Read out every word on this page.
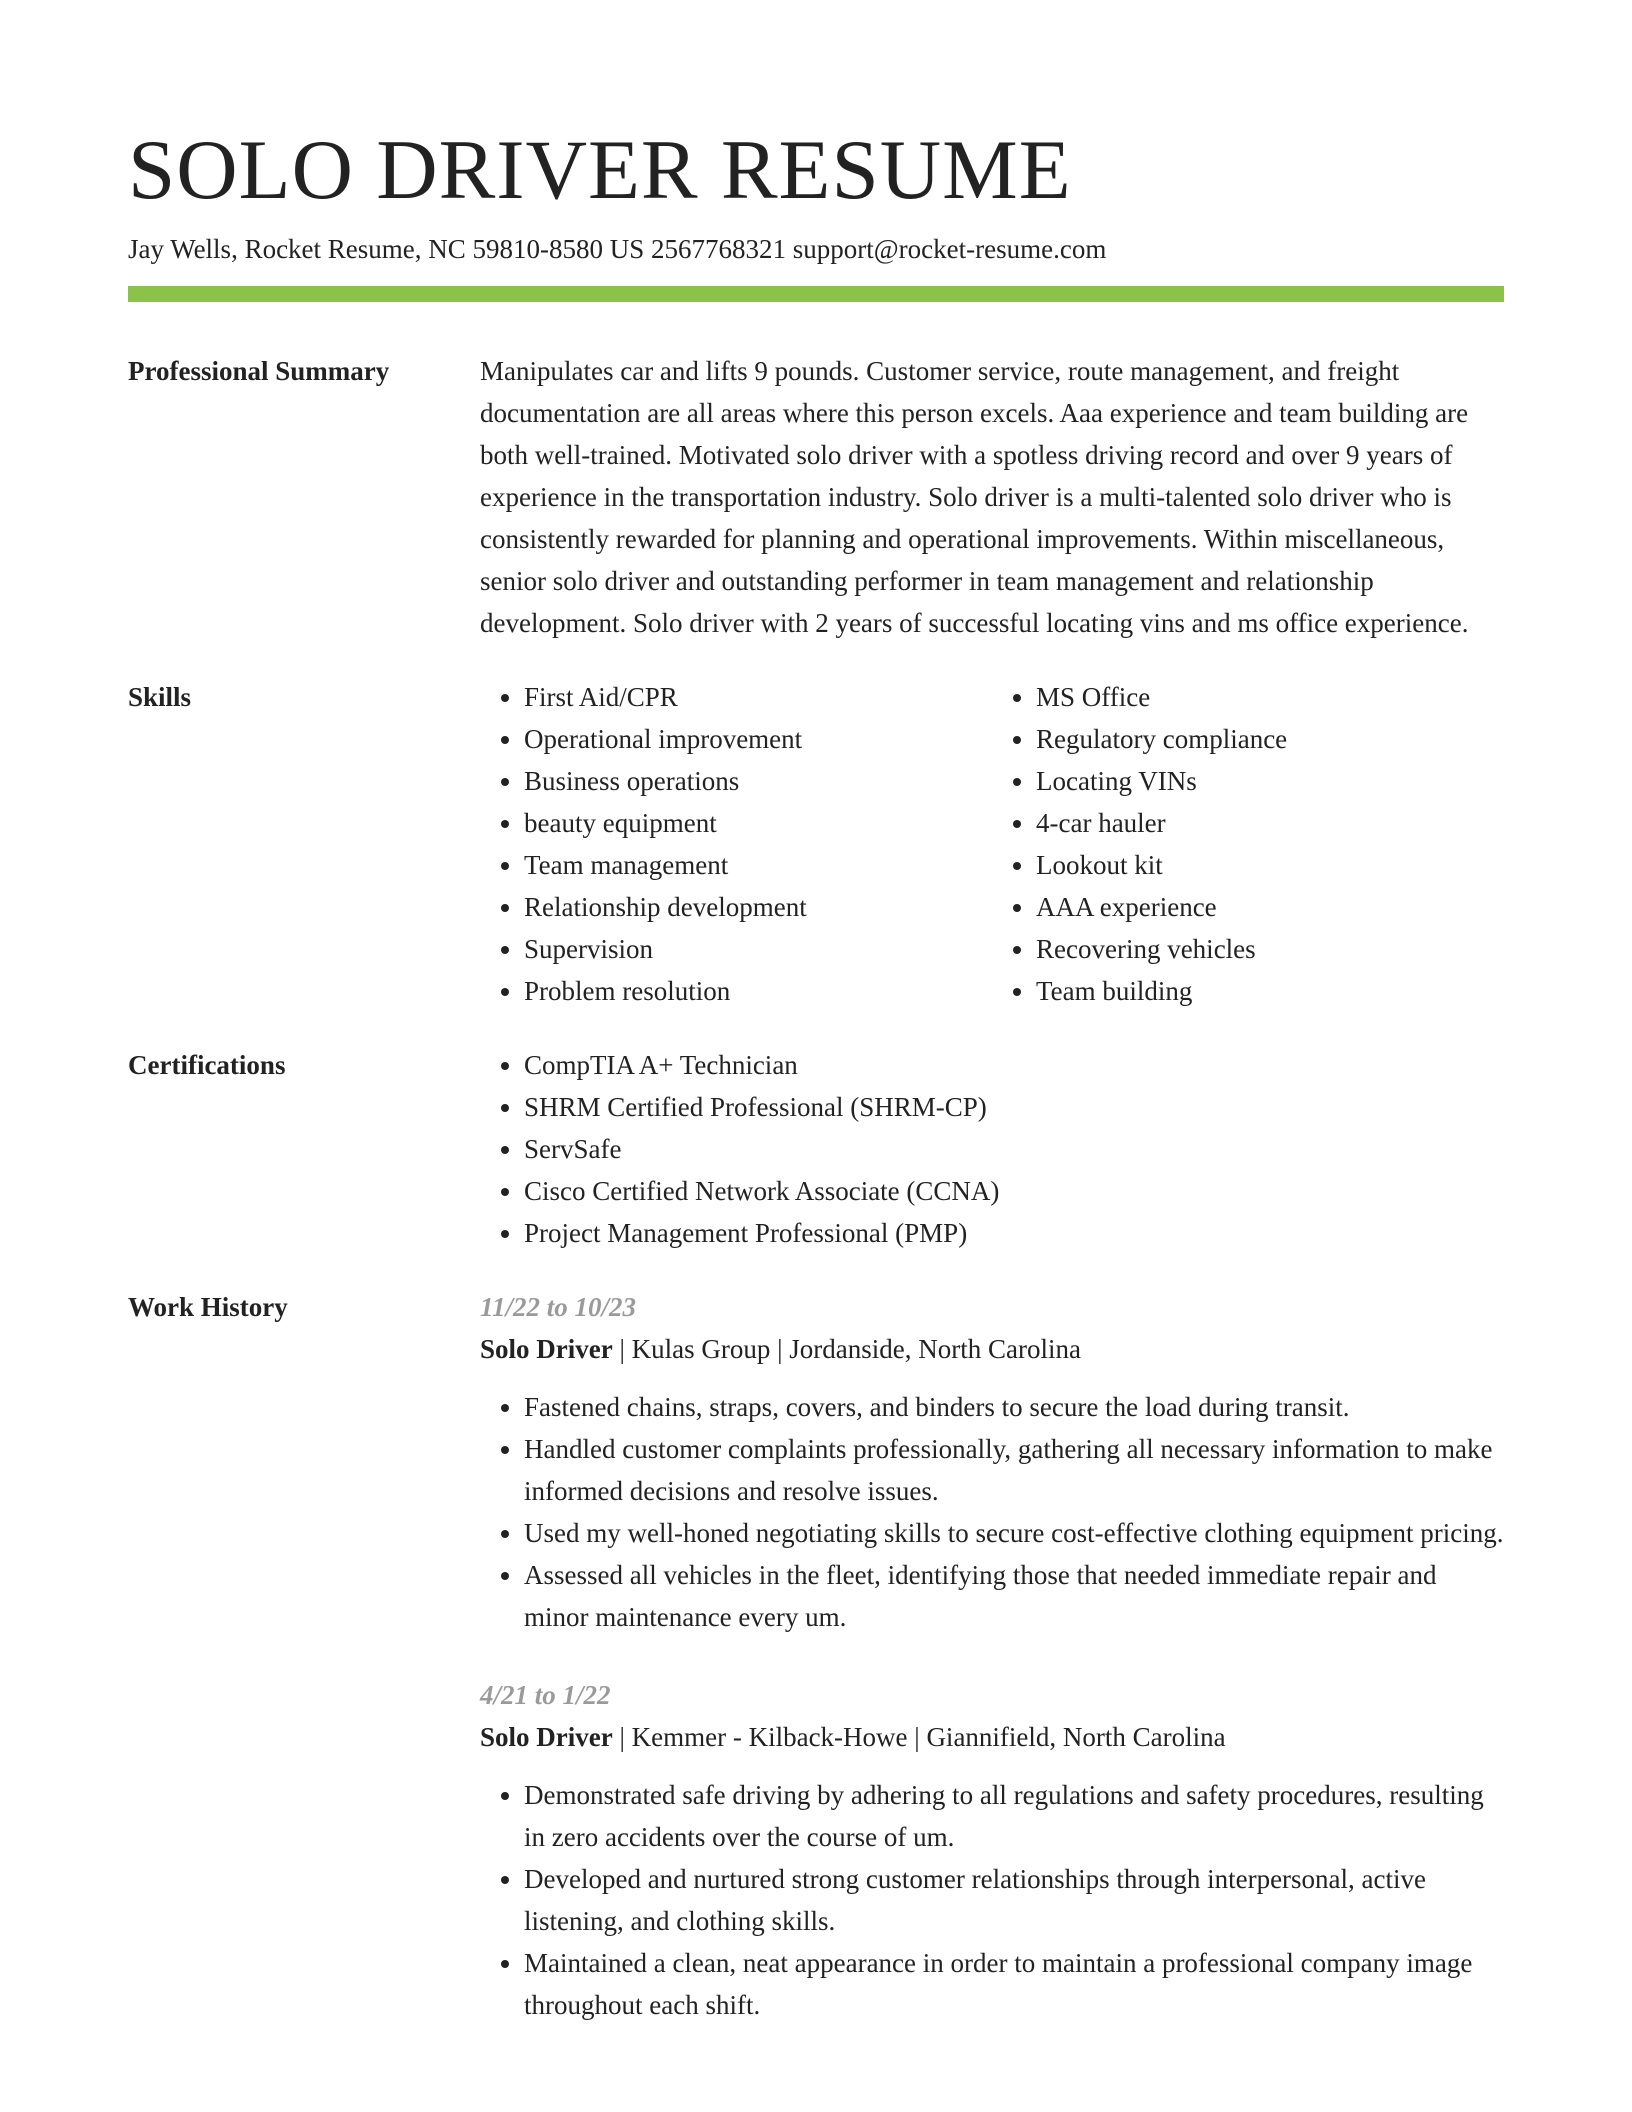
SOLO DRIVER RESUME
Jay Wells, Rocket Resume, NC 59810-8580 US 2567768321 support@rocket-resume.com
Professional Summary	Manipulates car and lifts 9 pounds. Customer service, route management, and freight documentation are all areas where this person excels. Aaa experience and team building are both well-trained. Motivated solo driver with a spotless driving record and over 9 years of experience in the transportation industry. Solo driver is a multi-talented solo driver who is consistently rewarded for planning and operational improvements. Within miscellaneous, senior solo driver and outstanding performer in team management and relationship development. Solo driver with 2 years of successful locating vins and ms office experience.

Skills	• First Aid/CPR
• Operational improvement
• Business operations
• beauty equipment
• Team management
• Relationship development
• Supervision
• Problem resolution
• MS Office
• Regulatory compliance
• Locating VINs
• 4-car hauler
• Lookout kit
• AAA experience
• Recovering vehicles
• Team building
Certifications	• CompTIA A+ Technician
• SHRM Certified Professional (SHRM-CP)
• ServSafe
• Cisco Certified Network Associate (CCNA)
• Project Management Professional (PMP)
Work History	11/22 to 10/23
Solo Driver | Kulas Group | Jordanside, North Carolina
• Fastened chains, straps, covers, and binders to secure the load during transit.
• Handled customer complaints professionally, gathering all necessary information to make informed decisions and resolve issues.
• Used my well-honed negotiating skills to secure cost-effective clothing equipment pricing.
• Assessed all vehicles in the fleet, identifying those that needed immediate repair and minor maintenance every um.
4/21 to 1/22
Solo Driver | Kemmer - Kilback-Howe | Giannifield, North Carolina
• Demonstrated safe driving by adhering to all regulations and safety procedures, resulting in zero accidents over the course of um.
• Developed and nurtured strong customer relationships through interpersonal, active listening, and clothing skills.
• Maintained a clean, neat appearance in order to maintain a professional company image throughout each shift.
